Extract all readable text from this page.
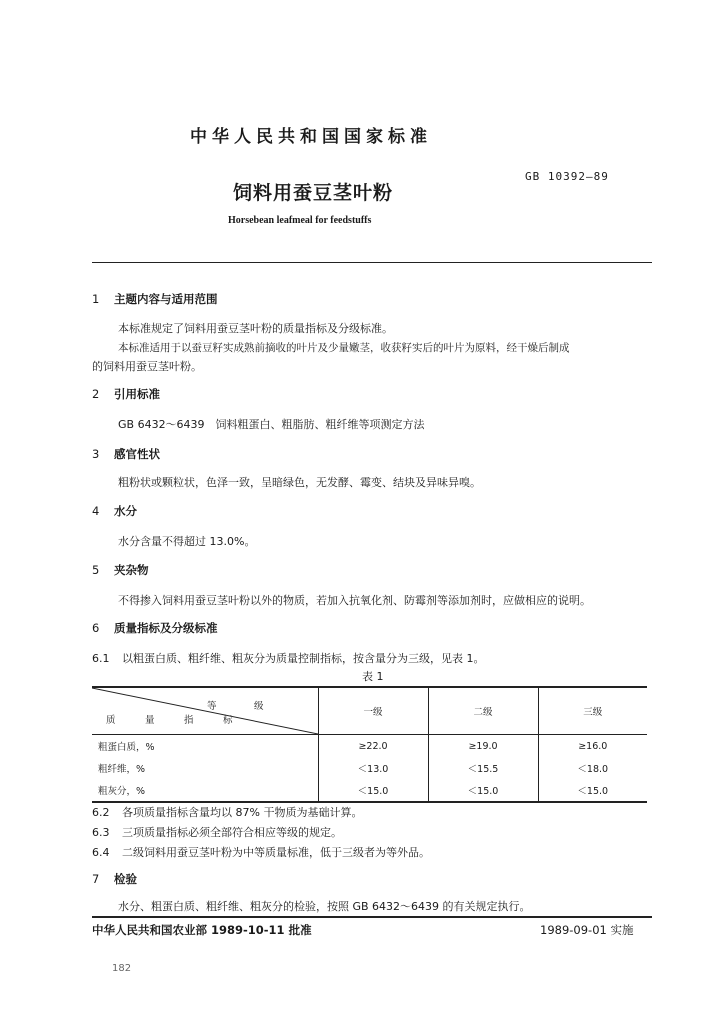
中华人民共和国国家标准
GB 10392—89
饲料用蚕豆茎叶粉
Horsebean leafmeal for feedstuffs
1 主题内容与适用范围
本标准规定了饲料用蚕豆茎叶粉的质量指标及分级标准。
本标准适用于以蚕豆籽实成熟前摘收的叶片及少量嫩茎，收获籽实后的叶片为原料，经干燥后制成
的饲料用蚕豆茎叶粉。
2 引用标准
GB 6432～6439　饲料粗蛋白、粗脂肪、粗纤维等项测定方法
3 感官性状
粗粉状或颗粒状，色泽一致，呈暗绿色，无发酵、霉变、结块及异味异嗅。
4 水分
水分含量不得超过 13.0%。
5 夹杂物
不得掺入饲料用蚕豆茎叶粉以外的物质，若加入抗氧化剂、防霉剂等添加剂时，应做相应的说明。
6 质量指标及分级标准
6.1 以粗蛋白质、粗纤维、粗灰分为质量控制指标，按含量分为三级，见表 1。
表 1
等　级
质　量　指　标	一级	二级	三级
粗蛋白质，%	≥22.0	≥19.0	≥16.0
粗纤维，%	＜13.0	＜15.5	＜18.0
粗灰分，%	＜15.0	＜15.0	＜15.0
6.2 各项质量指标含量均以 87% 干物质为基础计算。
6.3 三项质量指标必须全部符合相应等级的规定。
6.4 二级饲料用蚕豆茎叶粉为中等质量标准，低于三级者为等外品。
7 检验
水分、粗蛋白质、粗纤维、粗灰分的检验，按照 GB 6432～6439 的有关规定执行。
中华人民共和国农业部 1989-10-11 批准	1989-09-01 实施
182
